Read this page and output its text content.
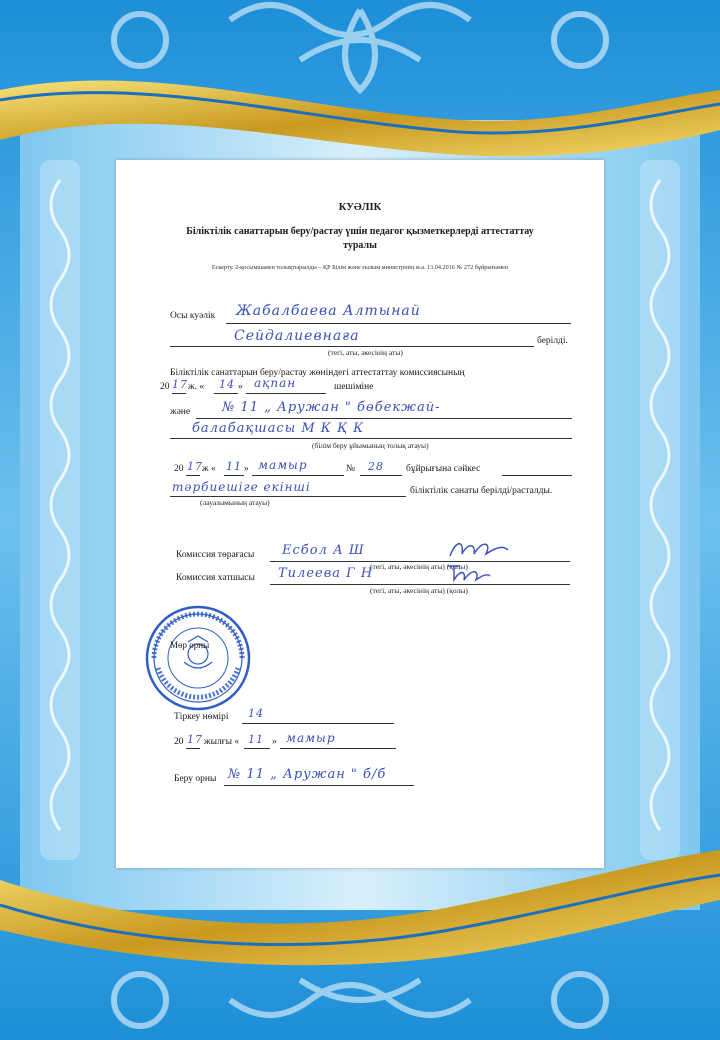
КУӘЛІК
Біліктілік санаттарын беру/растау үшін педагог қызметкерлерді аттестаттау
туралы
Ескерту. 2-қосымшамен толықтырылды – ҚР Білім және ғылым министрінің м.а. 13.04.2016 № 272 бұйрығымен
Осы куәлік Жабалбаева Алтынай
Сейдалиевнаға	берілді.
(тегі, аты, әкесінің аты)
Біліктілік санаттарын беру/растау жөніндегі аттестаттау комиссиясының
20 17 ж. « 14 » ақпан	шешіміне
және № 11 „ Аружан " бөбекжай-
балабақшасы М К Қ К
(білім беру ұйымының толық атауы)
20 17 ж « 11 » мамыр	№ 28 бұйрығына сәйкес
тәрбиешіге екінші	біліктілік санаты берілді/расталды.
(лауазымының атауы)
Комиссия төрағасы Есбол А Ш
(тегі, аты, әкесінің аты) (қолы)
Комиссия хатшысы Тилеева Г Н
(тегі, аты, әкесінің аты) (қолы)
Мөр орны
Тіркеу нөмірі 14
20 17 жылғы « 11 » мамыр
Беру орны № 11 „ Аружан " б/б
